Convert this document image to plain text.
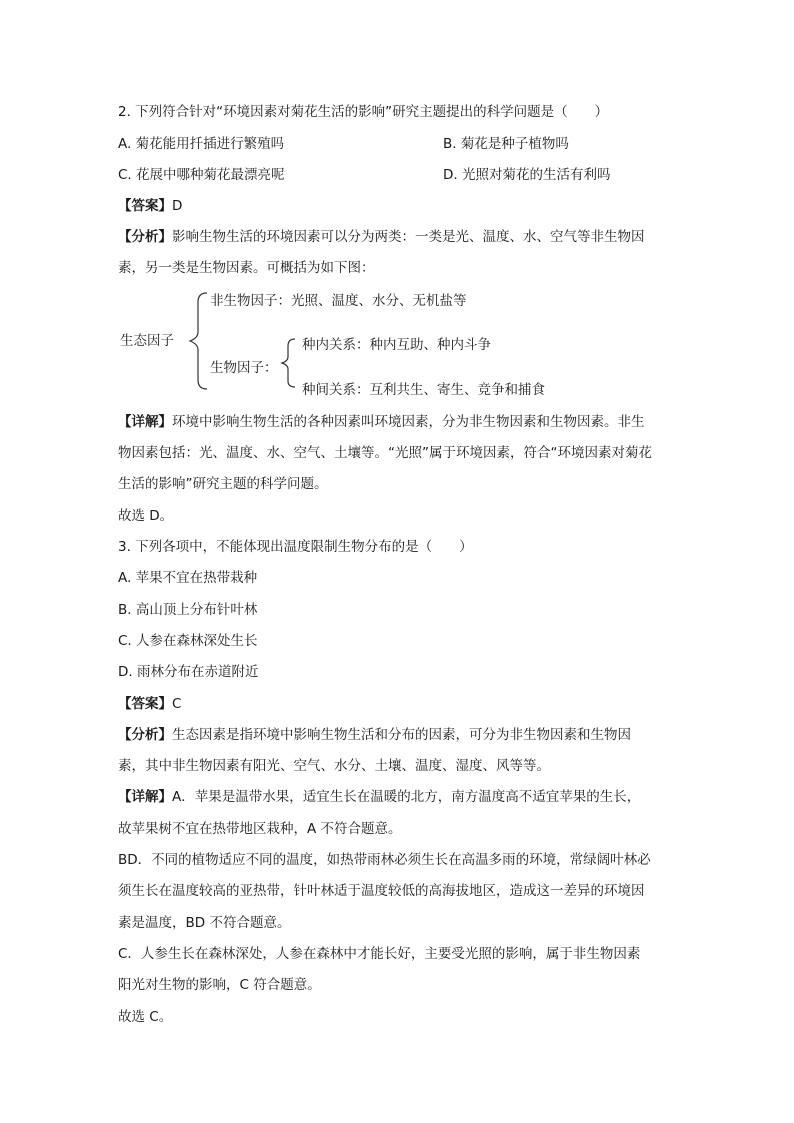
2. 下列符合针对“环境因素对菊花生活的影响”研究主题提出的科学问题是（　　）
A. 菊花能用扦插进行繁殖吗	B. 菊花是种子植物吗
C. 花展中哪种菊花最漂亮呢	D. 光照对菊花的生活有利吗
【答案】D
【分析】影响生物生活的环境因素可以分为两类：一类是光、温度、水、空气等非生物因
素，另一类是生物因素。可概括为如下图：
生态因子
非生物因子：光照、温度、水分、无机盐等
生物因子：
种内关系：种内互助、种内斗争
种间关系：互利共生、寄生、竞争和捕食
【详解】环境中影响生物生活的各种因素叫环境因素，分为非生物因素和生物因素。非生
物因素包括：光、温度、水、空气、土壤等。“光照”属于环境因素，符合“环境因素对菊花
生活的影响”研究主题的科学问题。
故选 D。
3. 下列各项中，不能体现出温度限制生物分布的是（　　）
A. 苹果不宜在热带栽种
B. 高山顶上分布针叶林
C. 人参在森林深处生长
D. 雨林分布在赤道附近
【答案】C
【分析】生态因素是指环境中影响生物生活和分布的因素，可分为非生物因素和生物因
素，其中非生物因素有阳光、空气、水分、土壤、温度、湿度、风等等。
【详解】A．苹果是温带水果，适宜生长在温暖的北方，南方温度高不适宜苹果的生长，
故苹果树不宜在热带地区栽种，A 不符合题意。
BD．不同的植物适应不同的温度，如热带雨林必须生长在高温多雨的环境，常绿阔叶林必
须生长在温度较高的亚热带，针叶林适于温度较低的高海拔地区，造成这一差异的环境因
素是温度，BD 不符合题意。
C．人参生长在森林深处，人参在森林中才能长好，主要受光照的影响，属于非生物因素
阳光对生物的影响，C 符合题意。
故选 C。
